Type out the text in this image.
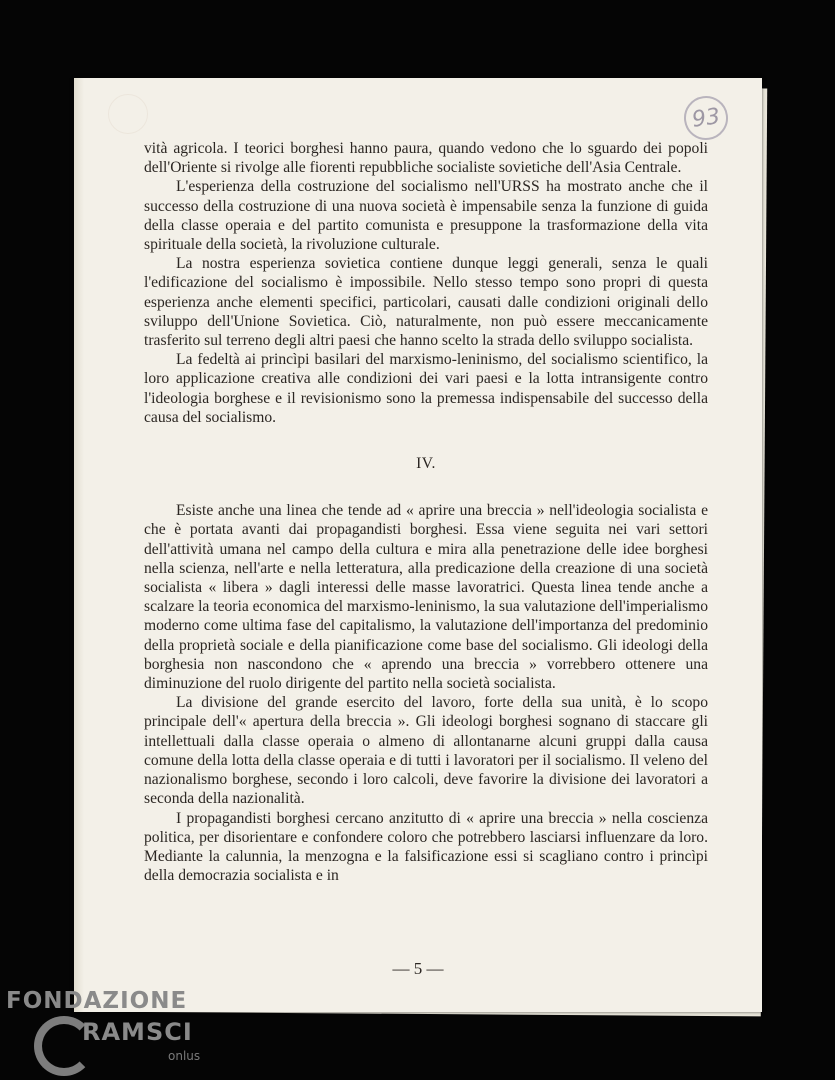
93

vità agricola. I teorici borghesi hanno paura, quando vedono che lo sguardo dei popoli dell'Oriente si rivolge alle fiorenti repubbliche socialiste sovietiche dell'Asia Centrale.

L'esperienza della costruzione del socialismo nell'URSS ha mostrato anche che il successo della costruzione di una nuova società è impensabile senza la funzione di guida della classe operaia e del partito comunista e presuppone la trasformazione della vita spirituale della società, la rivoluzione culturale.

La nostra esperienza sovietica contiene dunque leggi generali, senza le quali l'edificazione del socialismo è impossibile. Nello stesso tempo sono propri di questa esperienza anche elementi specifici, particolari, causati dalle condizioni originali dello sviluppo dell'Unione Sovietica. Ciò, naturalmente, non può essere meccanicamente trasferito sul terreno degli altri paesi che hanno scelto la strada dello sviluppo socialista.

La fedeltà ai princìpi basilari del marxismo-leninismo, del socialismo scientifico, la loro applicazione creativa alle condizioni dei vari paesi e la lotta intransigente contro l'ideologia borghese e il revisionismo sono la premessa indispensabile del successo della causa del socialismo.

IV.

Esiste anche una linea che tende ad « aprire una breccia » nell'ideologia socialista e che è portata avanti dai propagandisti borghesi. Essa viene seguita nei vari settori dell'attività umana nel campo della cultura e mira alla penetrazione delle idee borghesi nella scienza, nell'arte e nella letteratura, alla predicazione della creazione di una società socialista « libera » dagli interessi delle masse lavoratrici. Questa linea tende anche a scalzare la teoria economica del marxismo-leninismo, la sua valutazione dell'imperialismo moderno come ultima fase del capitalismo, la valutazione dell'importanza del predominio della proprietà sociale e della pianificazione come base del socialismo. Gli ideologi della borghesia non nascondono che « aprendo una breccia » vorrebbero ottenere una diminuzione del ruolo dirigente del partito nella società socialista.

La divisione del grande esercito del lavoro, forte della sua unità, è lo scopo principale dell'« apertura della breccia ». Gli ideologi borghesi sognano di staccare gli intellettuali dalla classe operaia o almeno di allontanarne alcuni gruppi dalla causa comune della lotta della classe operaia e di tutti i lavoratori per il socialismo. Il veleno del nazionalismo borghese, secondo i loro calcoli, deve favorire la divisione dei lavoratori a seconda della nazionalità.

I propagandisti borghesi cercano anzitutto di « aprire una breccia » nella coscienza politica, per disorientare e confondere coloro che potrebbero lasciarsi influenzare da loro. Mediante la calunnia, la menzogna e la falsificazione essi si scagliano contro i princìpi della democrazia socialista e in

— 5 —
FONDAZIONE
RAMSCI
onlus
